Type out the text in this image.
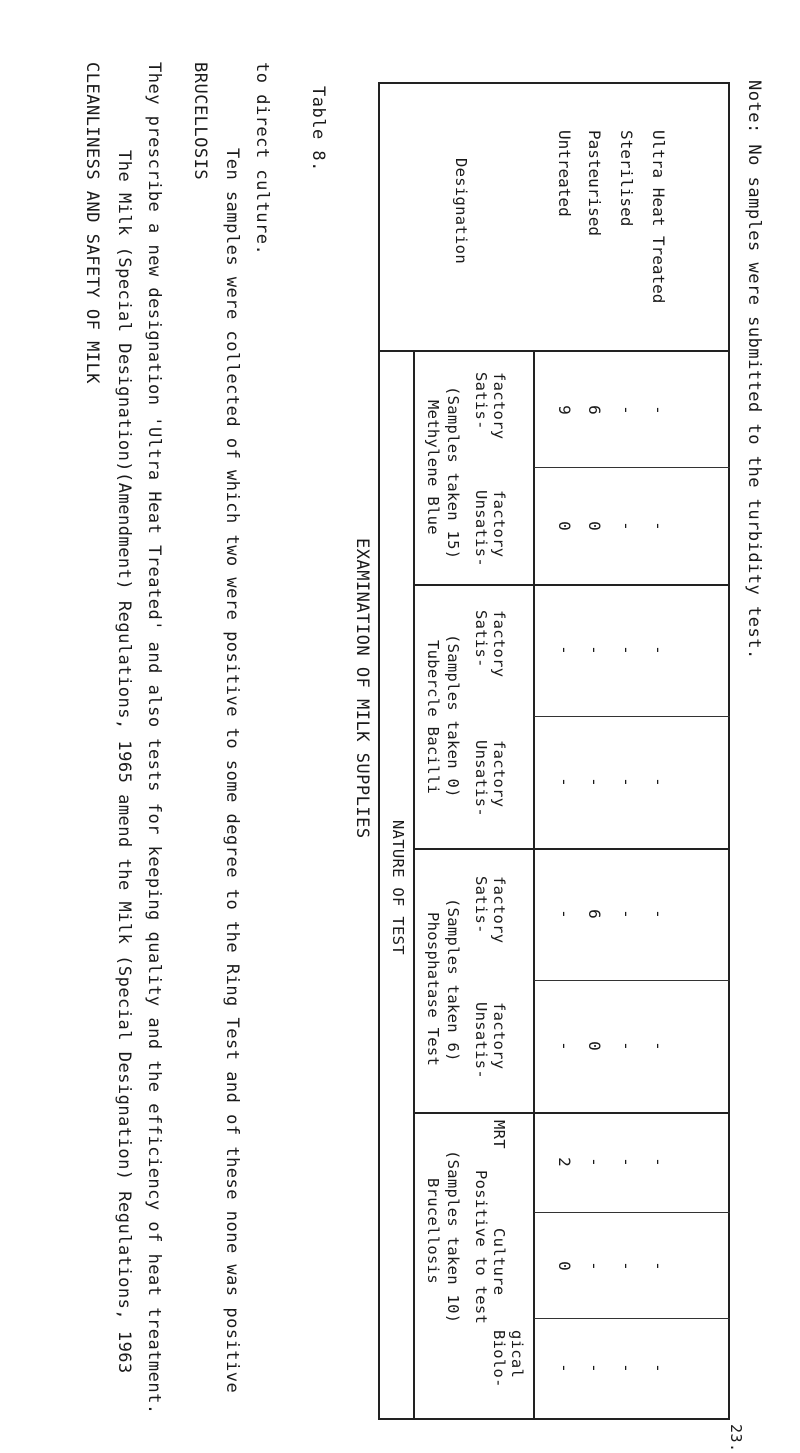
CLEANLINESS AND SAFETY OF MILK The Milk (Special Designation)(Amendment) Regulations, 1965 amend the Milk (Special Designation) Regulations, 1963 They prescribe a new designation 'Ultra Heat Treated' and also tests for keeping quality and the efficiency of heat treatment. BRUCELLOSIS
Ten samples were collected of which two were positive to some degree to the Ring Test and of these none was positive to direct culture. Table 8.
EXAMINATION OF MILK SUPPLIES
NATURE OF TEST
Designation
Methylene Blue (Samples taken 15)
Tubercle Bacilli (Samples taken 0)
Phosphatase Test (Samples taken 6)
Brucellosis (Samples taken 10)
Satis- factory
Unsatis- factory
Satis- factory
Unsatis- factory
Satis- factory
Unsatis- factory
Positive to test
MRT
Culture
Biolo- gical
Untreated
9
0
-
-
-
-
2
0
-
Pasteurised
6
0
-
-
6
0
-
-
-
Sterilised
-
-
-
-
-
-
-
-
-
Ultra Heat Treated
-
-
-
-
-
-
-
-
-
Note: No samples were submitted to the turbidity test.
23.
